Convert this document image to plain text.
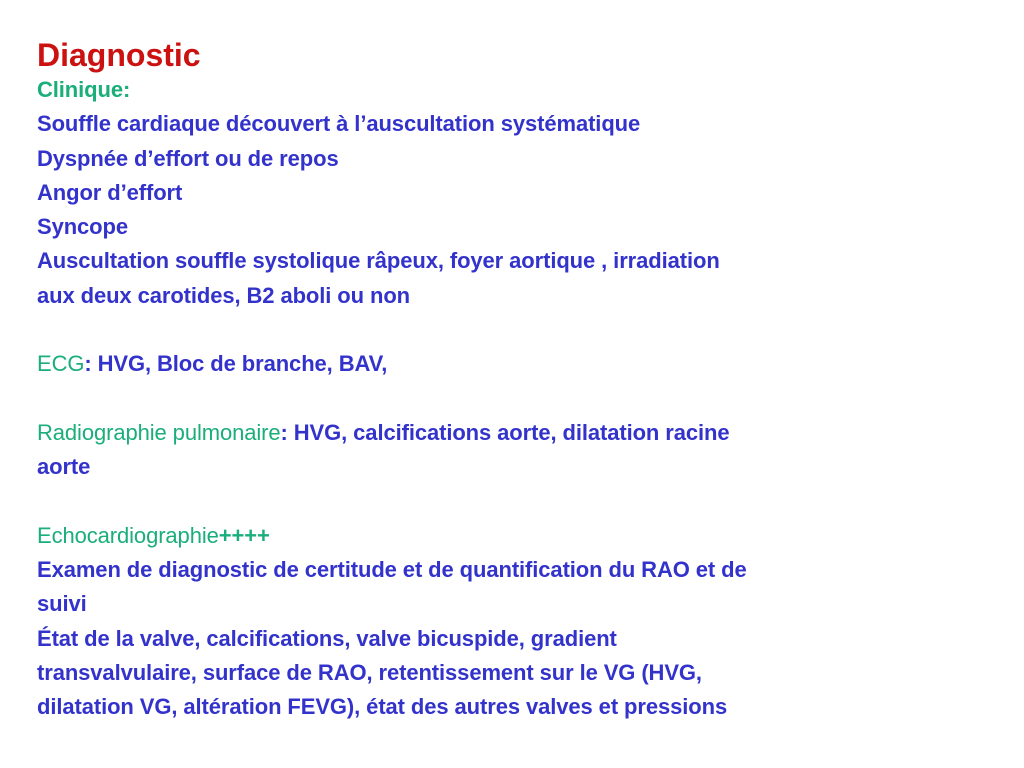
Diagnostic
Clinique:
Souffle cardiaque découvert à l’auscultation systématique
Dyspnée d’effort ou de repos
Angor d’effort
Syncope
Auscultation souffle systolique râpeux, foyer aortique , irradiation
aux deux carotides, B2 aboli ou non
ECG: HVG, Bloc de branche, BAV,
Radiographie pulmonaire: HVG, calcifications aorte, dilatation racine
aorte
Echocardiographie++++
Examen de diagnostic de certitude et de quantification du RAO et de
suivi
État de la valve, calcifications, valve bicuspide, gradient
transvalvulaire, surface de RAO, retentissement sur le VG (HVG,
dilatation VG, altération FEVG), état des autres valves et pressions
